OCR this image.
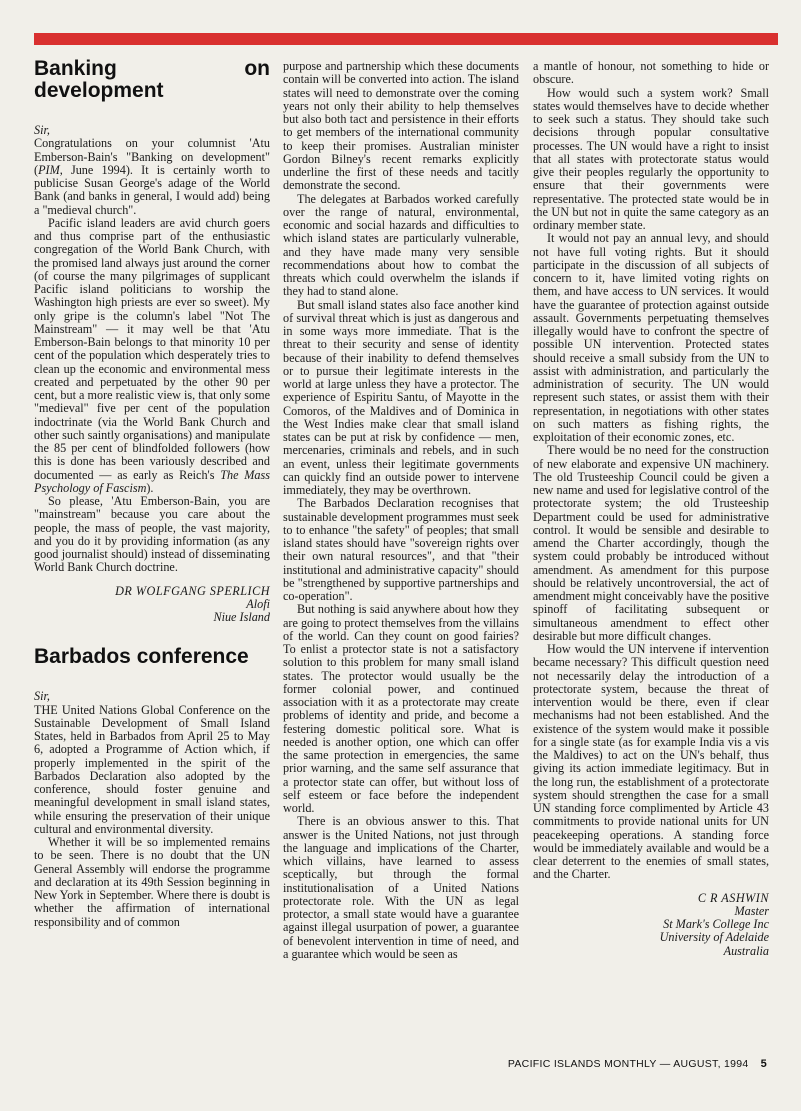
Banking on development

Sir,

Congratulations on your columnist 'Atu Emberson-Bain's "Banking on development" (PIM, June 1994). It is certainly worth to publicise Susan George's adage of the World Bank (and banks in general, I would add) being a "medieval church".

Pacific island leaders are avid church goers and thus comprise part of the enthusiastic congregation of the World Bank Church, with the promised land always just around the corner (of course the many pilgrimages of supplicant Pacific island politicians to worship the Washington high priests are ever so sweet). My only gripe is the column's label "Not The Mainstream" — it may well be that 'Atu Emberson-Bain belongs to that minority 10 per cent of the population which desperately tries to clean up the economic and environmental mess created and perpetuated by the other 90 per cent, but a more realistic view is, that only some "medieval" five per cent of the population indoctrinate (via the World Bank Church and other such saintly organisations) and manipulate the 85 per cent of blindfolded followers (how this is done has been variously described and documented — as early as Reich's The Mass Psychology of Fascism).

So please, 'Atu Emberson-Bain, you are "mainstream" because you care about the people, the mass of people, the vast majority, and you do it by providing information (as any good journalist should) instead of disseminating World Bank Church doctrine.

DR WOLFGANG SPERLICH

Alofi

Niue Island

Barbados conference

Sir,

THE United Nations Global Conference on the Sustainable Development of Small Island States, held in Barbados from April 25 to May 6, adopted a Programme of Action which, if properly implemented in the spirit of the Barbados Declaration also adopted by the conference, should foster genuine and meaningful development in small island states, while ensuring the preservation of their unique cultural and environmental diversity.

Whether it will be so implemented remains to be seen. There is no doubt that the UN General Assembly will endorse the programme and declaration at its 49th Session beginning in New York in September. Where there is doubt is whether the affirmation of international responsibility and of common

purpose and partnership which these documents contain will be converted into action. The island states will need to demonstrate over the coming years not only their ability to help themselves but also both tact and persistence in their efforts to get members of the international community to keep their promises. Australian minister Gordon Bilney's recent remarks explicitly underline the first of these needs and tacitly demonstrate the second.

The delegates at Barbados worked carefully over the range of natural, environmental, economic and social hazards and difficulties to which island states are particularly vulnerable, and they have made many very sensible recommendations about how to combat the threats which could overwhelm the islands if they had to stand alone.

But small island states also face another kind of survival threat which is just as dangerous and in some ways more immediate. That is the threat to their security and sense of identity because of their inability to defend themselves or to pursue their legitimate interests in the world at large unless they have a protector. The experience of Espiritu Santu, of Mayotte in the Comoros, of the Maldives and of Dominica in the West Indies make clear that small island states can be put at risk by confidence — men, mercenaries, criminals and rebels, and in such an event, unless their legitimate governments can quickly find an outside power to intervene immediately, they may be overthrown.

The Barbados Declaration recognises that sustainable development programmes must seek to to enhance "the safety" of peoples; that small island states should have "sovereign rights over their own natural resources", and that "their institutional and administrative capacity" should be "strengthened by supportive partnerships and co-operation".

But nothing is said anywhere about how they are going to protect themselves from the villains of the world. Can they count on good fairies? To enlist a protector state is not a satisfactory solution to this problem for many small island states. The protector would usually be the former colonial power, and continued association with it as a protectorate may create problems of identity and pride, and become a festering domestic political sore. What is needed is another option, one which can offer the same protection in emergencies, the same prior warning, and the same self assurance that a protector state can offer, but without loss of self esteem or face before the independent world.

There is an obvious answer to this. That answer is the United Nations, not just through the language and implications of the Charter, which villains, have learned to assess sceptically, but through the formal institutionalisation of a United Nations protectorate role. With the UN as legal protector, a small state would have a guarantee against illegal usurpation of power, a guarantee of benevolent intervention in time of need, and a guarantee which would be seen as

a mantle of honour, not something to hide or obscure.

How would such a system work? Small states would themselves have to decide whether to seek such a status. They should take such decisions through popular consultative processes. The UN would have a right to insist that all states with protectorate status would give their peoples regularly the opportunity to ensure that their governments were representative. The protected state would be in the UN but not in quite the same category as an ordinary member state.

It would not pay an annual levy, and should not have full voting rights. But it should participate in the discussion of all subjects of concern to it, have limited voting rights on them, and have access to UN services. It would have the guarantee of protection against outside assault. Governments perpetuating themselves illegally would have to confront the spectre of possible UN intervention. Protected states should receive a small subsidy from the UN to assist with administration, and particularly the administration of security. The UN would represent such states, or assist them with their representation, in negotiations with other states on such matters as fishing rights, the exploitation of their economic zones, etc.

There would be no need for the construction of new elaborate and expensive UN machinery. The old Trusteeship Council could be given a new name and used for legislative control of the protectorate system; the old Trusteeship Department could be used for administrative control. It would be sensible and desirable to amend the Charter accordingly, though the system could probably be introduced without amendment. As amendment for this purpose should be relatively uncontroversial, the act of amendment might conceivably have the positive spinoff of facilitating subsequent or simultaneous amendment to effect other desirable but more difficult changes.

How would the UN intervene if intervention became necessary? This difficult question need not necessarily delay the introduction of a protectorate system, because the threat of intervention would be there, even if clear mechanisms had not been established. And the existence of the system would make it possible for a single state (as for example India vis a vis the Maldives) to act on the UN's behalf, thus giving its action immediate legitimacy. But in the long run, the establishment of a protectorate system should strengthen the case for a small UN standing force complimented by Article 43 commitments to provide national units for UN peacekeeping operations. A standing force would be immediately available and would be a clear deterrent to the enemies of small states, and the Charter.

C R ASHWIN

Master

St Mark's College Inc

University of Adelaide

Australia

PACIFIC ISLANDS MONTHLY — AUGUST, 1994 5
